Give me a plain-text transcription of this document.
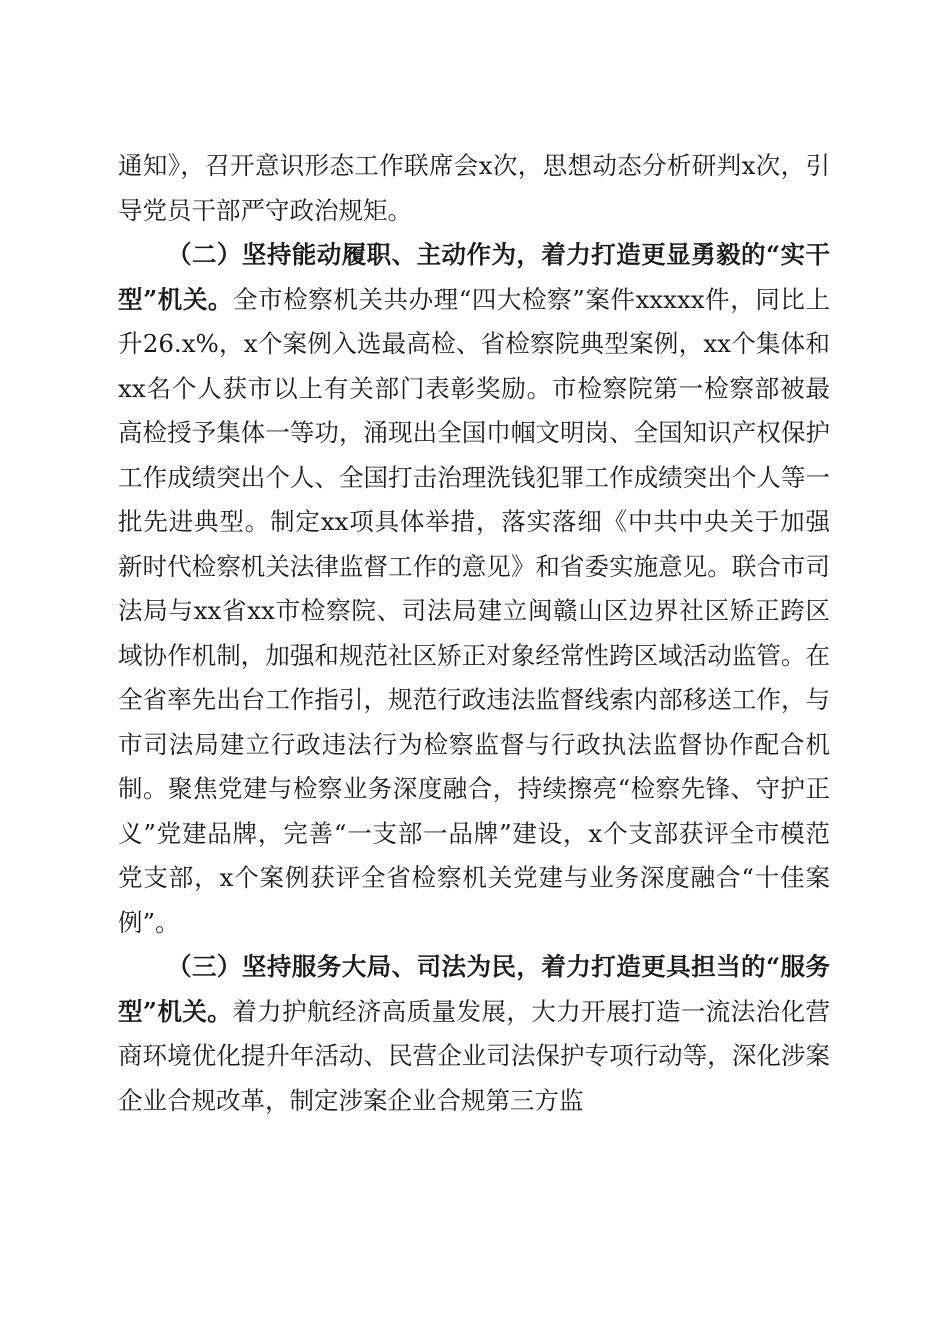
通知》，召开意识形态工作联席会x次，思想动态分析研判x次，引导党员干部严守政治规矩。

（二）坚持能动履职、主动作为，着力打造更显勇毅的“实干型”机关。全市检察机关共办理“四大检察”案件xxxxx件，同比上升26.x%，x个案例入选最高检、省检察院典型案例，xx个集体和xx名个人获市以上有关部门表彰奖励。市检察院第一检察部被最高检授予集体一等功，涌现出全国巾帼文明岗、全国知识产权保护工作成绩突出个人、全国打击治理洗钱犯罪工作成绩突出个人等一批先进典型。制定xx项具体举措，落实落细《中共中央关于加强新时代检察机关法律监督工作的意见》和省委实施意见。联合市司法局与xx省xx市检察院、司法局建立闽赣山区边界社区矫正跨区域协作机制，加强和规范社区矫正对象经常性跨区域活动监管。在全省率先出台工作指引，规范行政违法监督线索内部移送工作，与市司法局建立行政违法行为检察监督与行政执法监督协作配合机制。聚焦党建与检察业务深度融合，持续擦亮“检察先锋、守护正义”党建品牌，完善“一支部一品牌”建设，x个支部获评全市模范党支部，x个案例获评全省检察机关党建与业务深度融合“十佳案例”。

（三）坚持服务大局、司法为民，着力打造更具担当的“服务型”机关。着力护航经济高质量发展，大力开展打造一流法治化营商环境优化提升年活动、民营企业司法保护专项行动等，深化涉案企业合规改革，制定涉案企业合规第三方监
